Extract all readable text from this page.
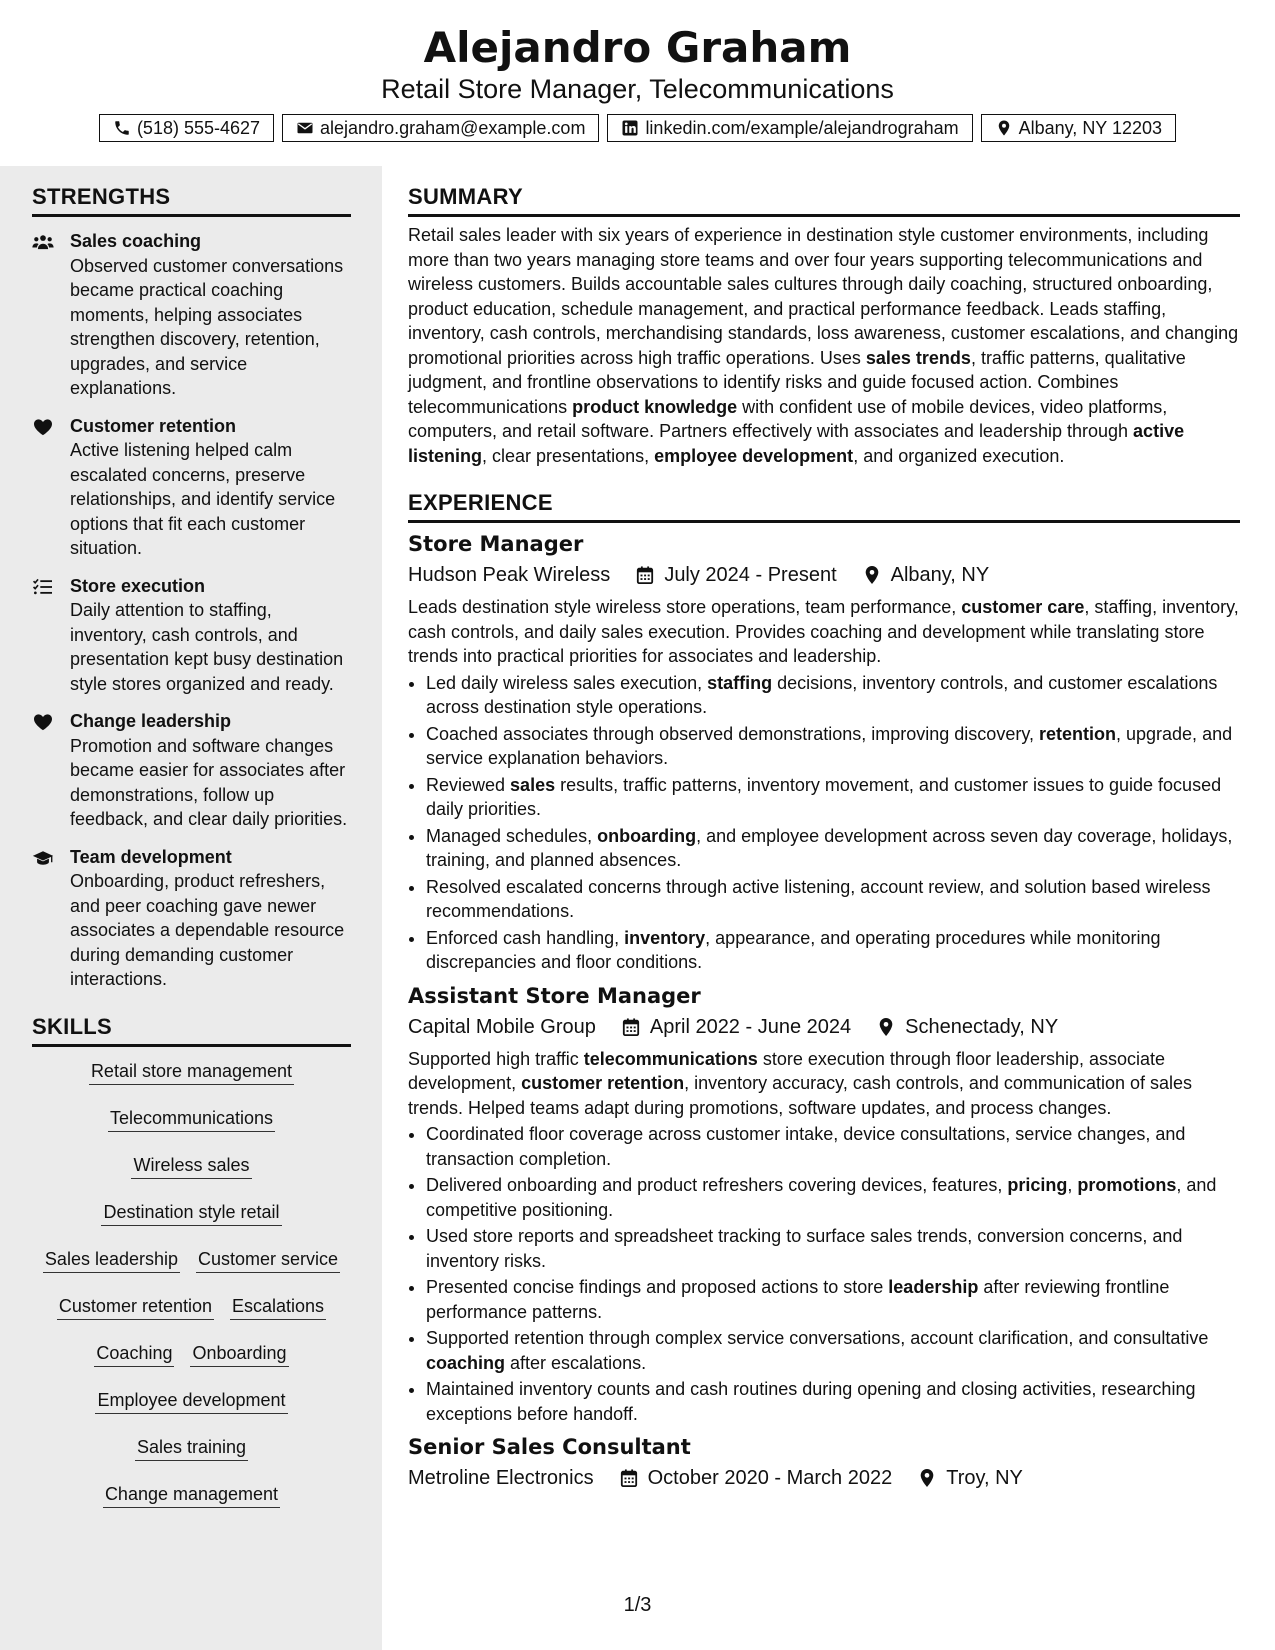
Alejandro Graham
Retail Store Manager, Telecommunications
(518) 555-4627	alejandro.graham@example.com	linkedin.com/example/alejandrograham	Albany, NY 12203
STRENGTHS
Sales coaching
Observed customer conversations became practical coaching moments, helping associates strengthen discovery, retention, upgrades, and service explanations.
Customer retention
Active listening helped calm escalated concerns, preserve relationships, and identify service options that fit each customer situation.
Store execution
Daily attention to staffing, inventory, cash controls, and presentation kept busy destination style stores organized and ready.
Change leadership
Promotion and software changes became easier for associates after demonstrations, follow up feedback, and clear daily priorities.
Team development
Onboarding, product refreshers, and peer coaching gave newer associates a dependable resource during demanding customer interactions.
SKILLS
Retail store management
Telecommunications
Wireless sales
Destination style retail
Sales leadership Customer service
Customer retention Escalations
Coaching Onboarding
Employee development
Sales training
Change management
SUMMARY

Retail sales leader with six years of experience in destination style customer environments, including more than two years managing store teams and over four years supporting telecommunications and wireless customers. Builds accountable sales cultures through daily coaching, structured onboarding, product education, schedule management, and practical performance feedback. Leads staffing, inventory, cash controls, merchandising standards, loss awareness, customer escalations, and changing promotional priorities across high traffic operations. Uses sales trends, traffic patterns, qualitative judgment, and frontline observations to identify risks and guide focused action. Combines telecommunications product knowledge with confident use of mobile devices, video platforms, computers, and retail software. Partners effectively with associates and leadership through active listening, clear presentations, employee development, and organized execution.

EXPERIENCE
Store Manager
Hudson Peak Wireless	July 2024 - Present	Albany, NY

Leads destination style wireless store operations, team performance, customer care, staffing, inventory, cash controls, and daily sales execution. Provides coaching and development while translating store trends into practical priorities for associates and leadership.

• Led daily wireless sales execution, staffing decisions, inventory controls, and customer escalations across destination style operations.
• Coached associates through observed demonstrations, improving discovery, retention, upgrade, and service explanation behaviors.
• Reviewed sales results, traffic patterns, inventory movement, and customer issues to guide focused daily priorities.
• Managed schedules, onboarding, and employee development across seven day coverage, holidays, training, and planned absences.
• Resolved escalated concerns through active listening, account review, and solution based wireless recommendations.
• Enforced cash handling, inventory, appearance, and operating procedures while monitoring discrepancies and floor conditions.
Assistant Store Manager
Capital Mobile Group	April 2022 - June 2024	Schenectady, NY

Supported high traffic telecommunications store execution through floor leadership, associate development, customer retention, inventory accuracy, cash controls, and communication of sales trends. Helped teams adapt during promotions, software updates, and process changes.

• Coordinated floor coverage across customer intake, device consultations, service changes, and transaction completion.
• Delivered onboarding and product refreshers covering devices, features, pricing, promotions, and competitive positioning.
• Used store reports and spreadsheet tracking to surface sales trends, conversion concerns, and inventory risks.
• Presented concise findings and proposed actions to store leadership after reviewing frontline performance patterns.
• Supported retention through complex service conversations, account clarification, and consultative coaching after escalations.
• Maintained inventory counts and cash routines during opening and closing activities, researching exceptions before handoff.
Senior Sales Consultant
Metroline Electronics	October 2020 - March 2022	Troy, NY
1/3
